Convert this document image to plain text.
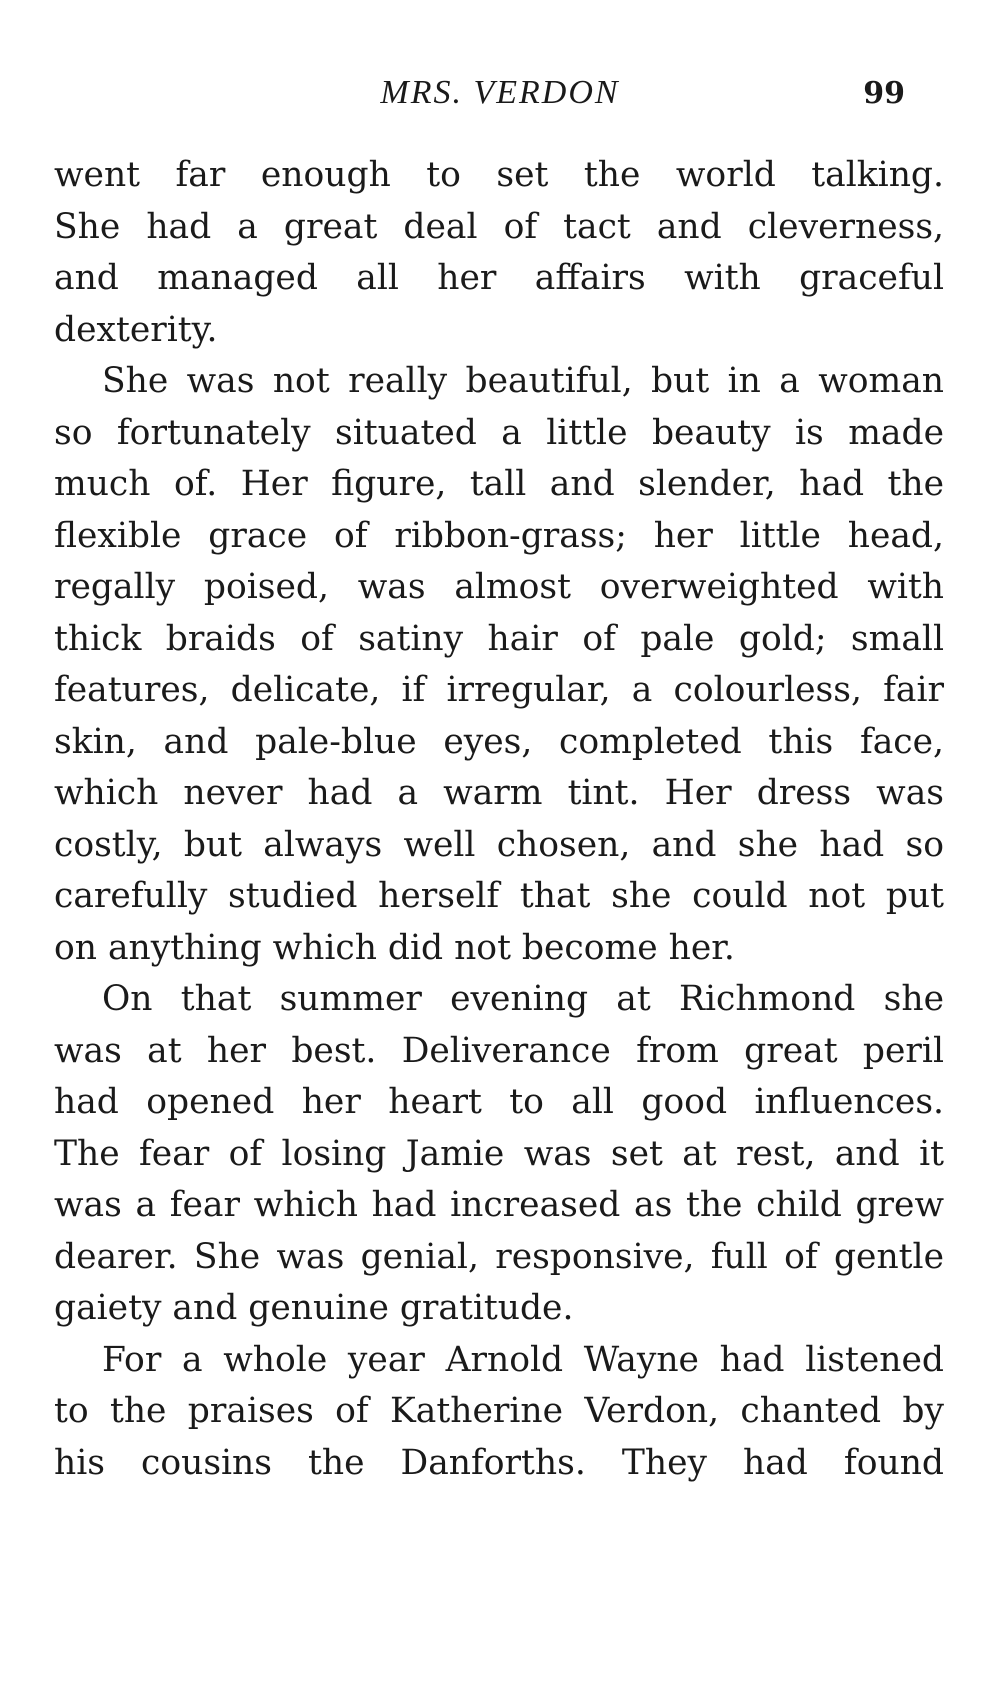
MRS. VERDON	99

went far enough to set the world talking.
She had a great deal of tact and cleverness,
and managed all her affairs with graceful
dexterity.

She was not really beautiful, but in a woman
so fortunately situated a little beauty is made
much of. Her figure, tall and slender, had the
flexible grace of ribbon-grass; her little head,
regally poised, was almost overweighted with
thick braids of satiny hair of pale gold; small
features, delicate, if irregular, a colourless, fair
skin, and pale-blue eyes, completed this face,
which never had a warm tint. Her dress was
costly, but always well chosen, and she had so
carefully studied herself that she could not put
on anything which did not become her.

On that summer evening at Richmond she
was at her best. Deliverance from great peril
had opened her heart to all good influences.
The fear of losing Jamie was set at rest, and it
was a fear which had increased as the child grew
dearer. She was genial, responsive, full of gentle
gaiety and genuine gratitude.

For a whole year Arnold Wayne had listened
to the praises of Katherine Verdon, chanted by
his cousins the Danforths. They had found
